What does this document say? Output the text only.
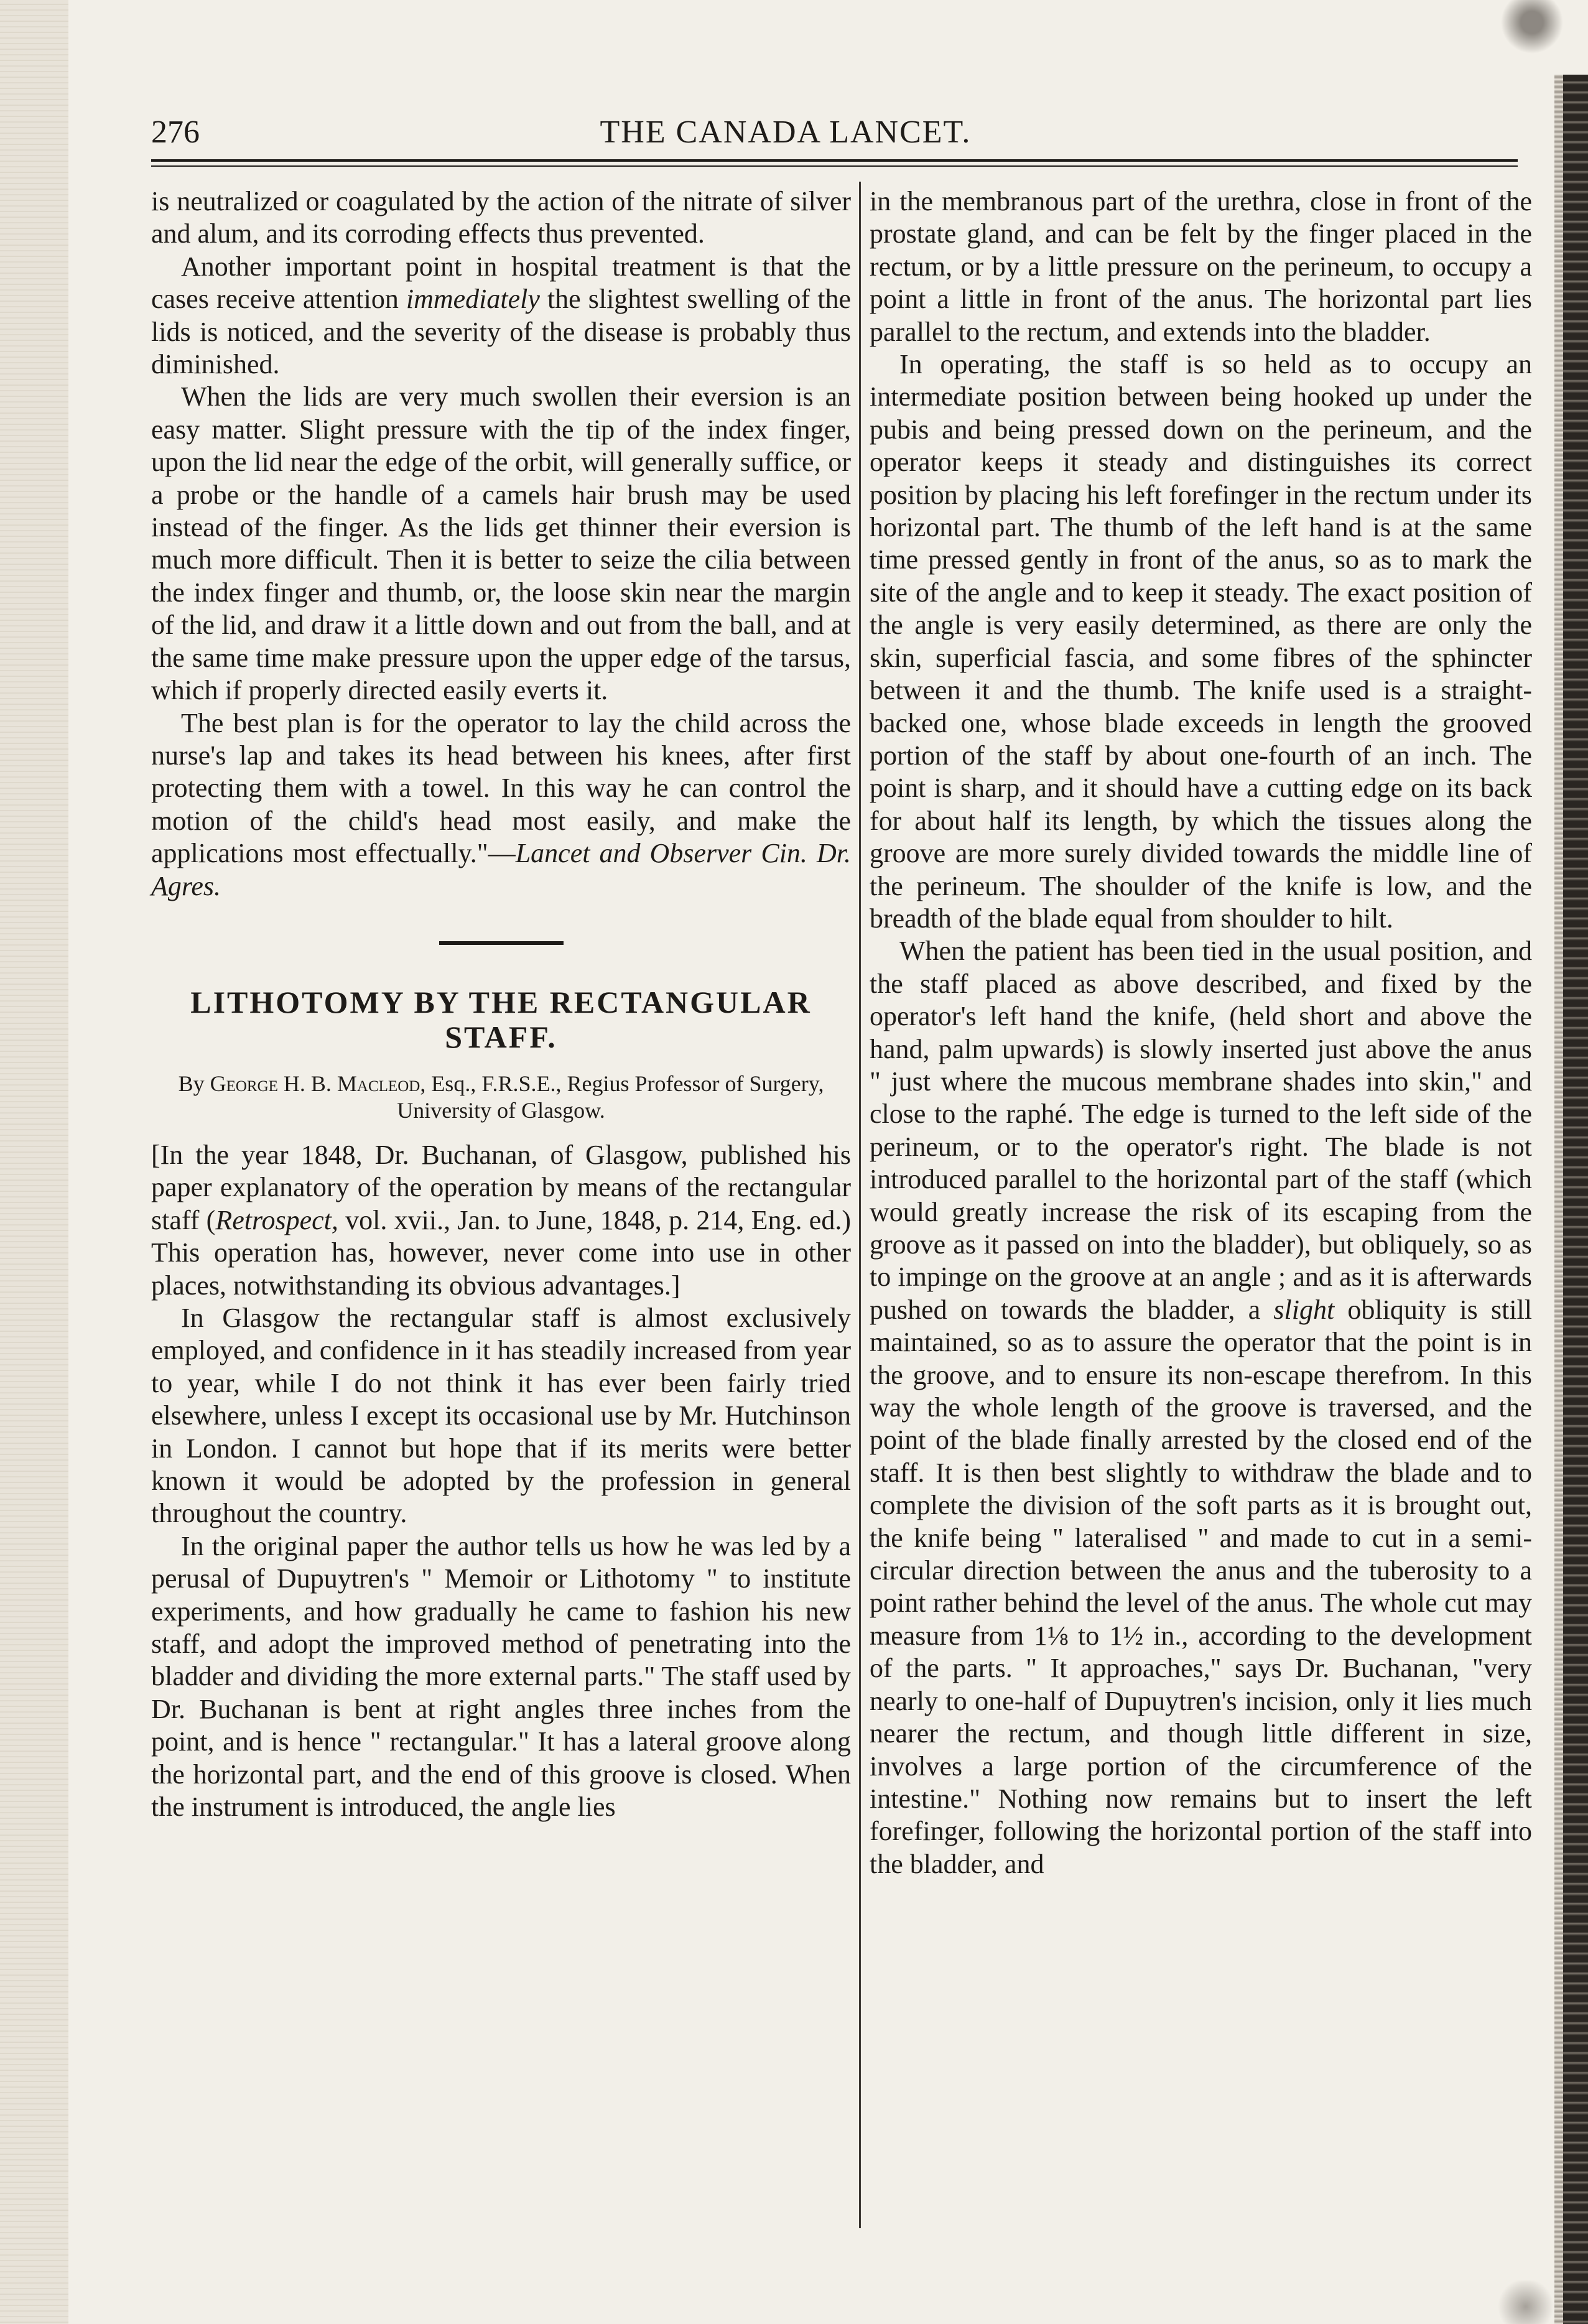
276	THE CANADA LANCET.

is neutralized or coagulated by the action of the nitrate of silver and alum, and its corroding effects thus prevented.

Another important point in hospital treatment is that the cases receive attention immediately the slightest swelling of the lids is noticed, and the severity of the disease is probably thus diminished.

When the lids are very much swollen their eversion is an easy matter. Slight pressure with the tip of the index finger, upon the lid near the edge of the orbit, will generally suffice, or a probe or the handle of a camels hair brush may be used instead of the finger. As the lids get thinner their eversion is much more difficult. Then it is better to seize the cilia between the index finger and thumb, or, the loose skin near the margin of the lid, and draw it a little down and out from the ball, and at the same time make pressure upon the upper edge of the tarsus, which if properly directed easily everts it.

The best plan is for the operator to lay the child across the nurse's lap and takes its head between his knees, after first protecting them with a towel. In this way he can control the motion of the child's head most easily, and make the applications most effectually."—Lancet and Observer Cin. Dr. Agres.

LITHOTOMY BY THE RECTANGULAR STAFF.

By George H. B. Macleod, Esq., F.R.S.E., Regius Professor of Surgery, University of Glasgow.

[In the year 1848, Dr. Buchanan, of Glasgow, published his paper explanatory of the operation by means of the rectangular staff (Retrospect, vol. xvii., Jan. to June, 1848, p. 214, Eng. ed.) This operation has, however, never come into use in other places, notwithstanding its obvious advantages.]

In Glasgow the rectangular staff is almost exclusively employed, and confidence in it has steadily increased from year to year, while I do not think it has ever been fairly tried elsewhere, unless I except its occasional use by Mr. Hutchinson in London. I cannot but hope that if its merits were better known it would be adopted by the profession in general throughout the country.

In the original paper the author tells us how he was led by a perusal of Dupuytren's " Memoir or Lithotomy " to institute experiments, and how gradually he came to fashion his new staff, and adopt the improved method of penetrating into the bladder and dividing the more external parts." The staff used by Dr. Buchanan is bent at right angles three inches from the point, and is hence " rectangular." It has a lateral groove along the horizontal part, and the end of this groove is closed. When the instrument is introduced, the angle lies

in the membranous part of the urethra, close in front of the prostate gland, and can be felt by the finger placed in the rectum, or by a little pressure on the perineum, to occupy a point a little in front of the anus. The horizontal part lies parallel to the rectum, and extends into the bladder.

In operating, the staff is so held as to occupy an intermediate position between being hooked up under the pubis and being pressed down on the perineum, and the operator keeps it steady and distinguishes its correct position by placing his left forefinger in the rectum under its horizontal part. The thumb of the left hand is at the same time pressed gently in front of the anus, so as to mark the site of the angle and to keep it steady. The exact position of the angle is very easily determined, as there are only the skin, superficial fascia, and some fibres of the sphincter between it and the thumb. The knife used is a straight-backed one, whose blade exceeds in length the grooved portion of the staff by about one-fourth of an inch. The point is sharp, and it should have a cutting edge on its back for about half its length, by which the tissues along the groove are more surely divided towards the middle line of the perineum. The shoulder of the knife is low, and the breadth of the blade equal from shoulder to hilt.

When the patient has been tied in the usual position, and the staff placed as above described, and fixed by the operator's left hand the knife, (held short and above the hand, palm upwards) is slowly inserted just above the anus " just where the mucous membrane shades into skin," and close to the raphé. The edge is turned to the left side of the perineum, or to the operator's right. The blade is not introduced parallel to the horizontal part of the staff (which would greatly increase the risk of its escaping from the groove as it passed on into the bladder), but obliquely, so as to impinge on the groove at an angle ; and as it is afterwards pushed on towards the bladder, a slight obliquity is still maintained, so as to assure the operator that the point is in the groove, and to ensure its non-escape therefrom. In this way the whole length of the groove is traversed, and the point of the blade finally arrested by the closed end of the staff. It is then best slightly to withdraw the blade and to complete the division of the soft parts as it is brought out, the knife being " lateralised " and made to cut in a semi-circular direction between the anus and the tuberosity to a point rather behind the level of the anus. The whole cut may measure from 1⅛ to 1½ in., according to the development of the parts. " It approaches," says Dr. Buchanan, "very nearly to one-half of Dupuytren's incision, only it lies much nearer the rectum, and though little different in size, involves a large portion of the circumference of the intestine." Nothing now remains but to insert the left forefinger, following the horizontal portion of the staff into the bladder, and
